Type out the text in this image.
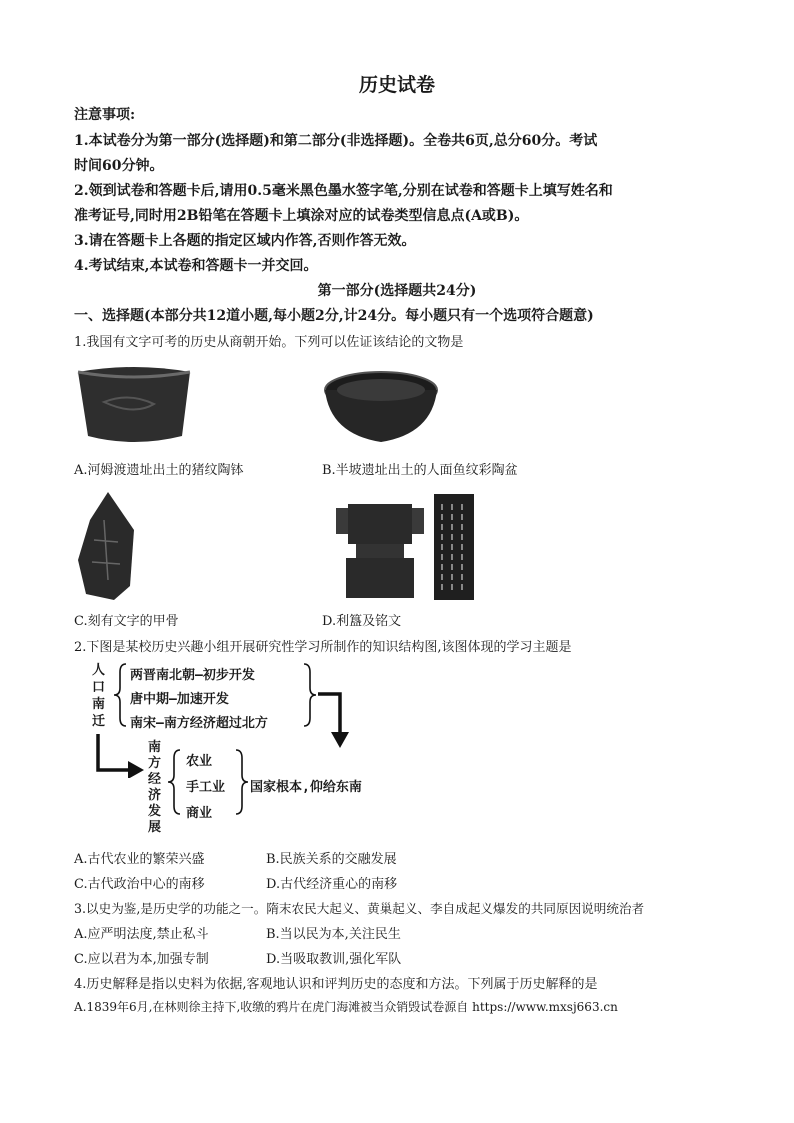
历史试卷
注意事项:
1.本试卷分为第一部分(选择题)和第二部分(非选择题)。全卷共6页,总分60分。考试
时间60分钟。
2.领到试卷和答题卡后,请用0.5毫米黑色墨水签字笔,分别在试卷和答题卡上填写姓名和
准考证号,同时用2B铅笔在答题卡上填涂对应的试卷类型信息点(A或B)。
3.请在答题卡上各题的指定区域内作答,否则作答无效。
4.考试结束,本试卷和答题卡一并交回。
第一部分(选择题共24分)
一、选择题(本部分共12道小题,每小题2分,计24分。每小题只有一个选项符合题意)
1.我国有文字可考的历史从商朝开始。下列可以佐证该结论的文物是
A.河姆渡遗址出土的猪纹陶钵	B.半坡遗址出土的人面鱼纹彩陶盆
C.刻有文字的甲骨	D.利簋及铭文
2.下图是某校历史兴趣小组开展研究性学习所制作的知识结构图,该图体现的学习主题是
人
口
南
迁
两晋南北朝—初步开发
唐中期—加速开发
南宋—南方经济超过北方
南
方
经
济
发
展
农业
手工业
商业
国家根本,仰给东南
A.古代农业的繁荣兴盛	B.民族关系的交融发展
C.古代政治中心的南移	D.古代经济重心的南移
3.以史为鉴,是历史学的功能之一。隋末农民大起义、黄巢起义、李自成起义爆发的共同原因说明统治者
A.应严明法度,禁止私斗	B.当以民为本,关注民生
C.应以君为本,加强专制	D.当吸取教训,强化军队
4.历史解释是指以史料为依据,客观地认识和评判历史的态度和方法。下列属于历史解释的是
A.1839年6月,在林则徐主持下,收缴的鸦片在虎门海滩被当众销毁试卷源自 https://www.mxsj663.cn
